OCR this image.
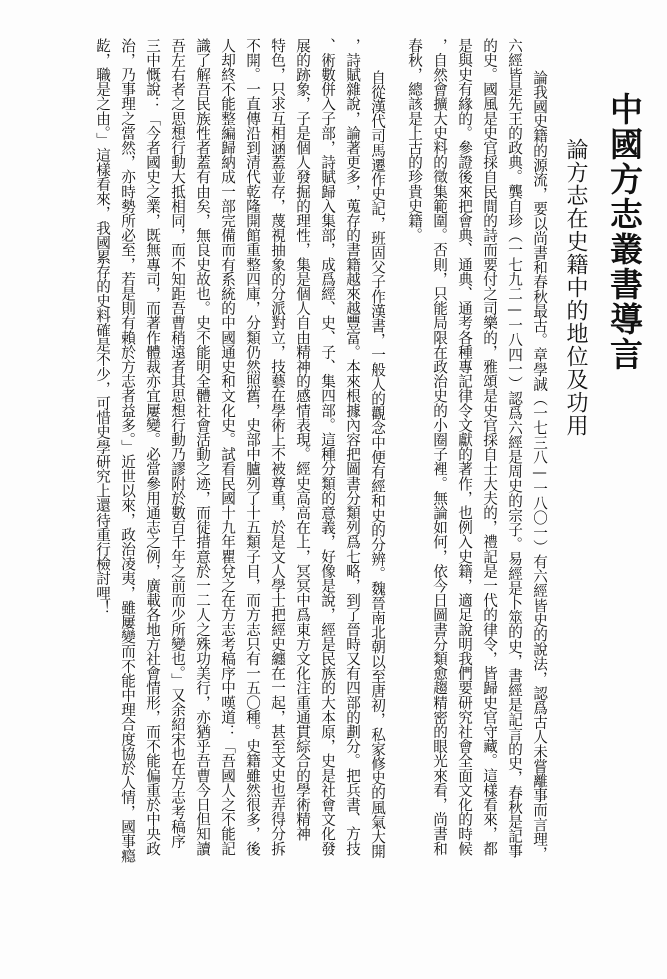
中國方志叢書導言
論方志在史籍中的地位及功用
論我國史籍的源流，要以尚書和春秋最古。章學誠（一七三八—一八〇一）有六經皆史的說法，認爲古人未嘗離事而言理，
六經皆是先王的政典。龔自珍（一七九二—一八四一）認爲六經是周史的宗子。易經是卜筮的史，書經是記言的史，春秋是記事
的史。國風是史官採自民間的詩而要付之司樂的，雅頌是史官採自士大夫的，禮記是一代的律令，皆歸史官守藏。這樣看來，都
是與史有緣的。參證後來把會典、通典、通考各種專記律令文獻的著作，也例入史籍，適足說明我們要研究社會全面文化的時候
，自然會擴大史料的徵集範圍。否則，只能局限在政治史的小圈子裡。無論如何，依今日圖書分類愈趨精密的眼光來看，尚書和
春秋，總該是上古的珍貴史籍。
自從漢代司馬遷作史記，班固父子作漢書，一般人的觀念中便有經和史的分辨。魏晉南北朝以至唐初，私家修史的風氣大開
，詩賦雜說，論著更多，蒐存的書籍越來越豐富。本來根據內容把圖書分類列爲七略，到了晉時又有四部的劃分。把兵書、方技
、術數併入子部，詩賦歸入集部，成爲經、史、子、集四部。這種分類的意義，好像是說，經是民族的大本原，史是社會文化發
展的跡象，子是個人發掘的理性，集是個人自由精神的感情表現。經史高高在上，冥冥中爲東方文化注重通貫綜合的學術精神
特色，只求互相涵蓋並存，蔑視抽象的分派對立，技藝在學術上不被尊重，於是文人學士把經史纏在一起，甚至文史也弄得分拆
不開。一直傳沿到清代乾隆開館重整四庫，分類仍然照舊，史部中臚列了十五類子目，而方志只有一五〇種。史籍雖然很多，後
人却終不能整編歸納成一部完備而有系統的中國通史和文化史。試看民國十九年瞿兌之在方志考稿序中嘆道：「吾國人之不能記
識了解吾民族性者蓋有由矣，無良史故也。史不能明全體社會活動之迹，而徒措意於一二人之殊功美行，亦猶乎吾曹今日但知讀
吾左右者之思想行動大抵相同，而不知距吾曹稍遠者其思想行動乃謬附於數百千年之前而少所變也。」又余紹宋也在方志考稿序
三中慨說：「今者國史之業，既無專司，而著作體裁亦宜屢變。必當參用通志之例，廣載各地方社會情形，而不能偏重於中央政
治，乃事理之當然，亦時勢所必至，若是則有賴於方志者益多。」近世以來，政治凌夷，雖屢變而不能中理合度協於人情，國事瘾
龁，職是之由。」這樣看來，我國累存的史料確是不少，可惜史學研究上還待重行檢討哩！
